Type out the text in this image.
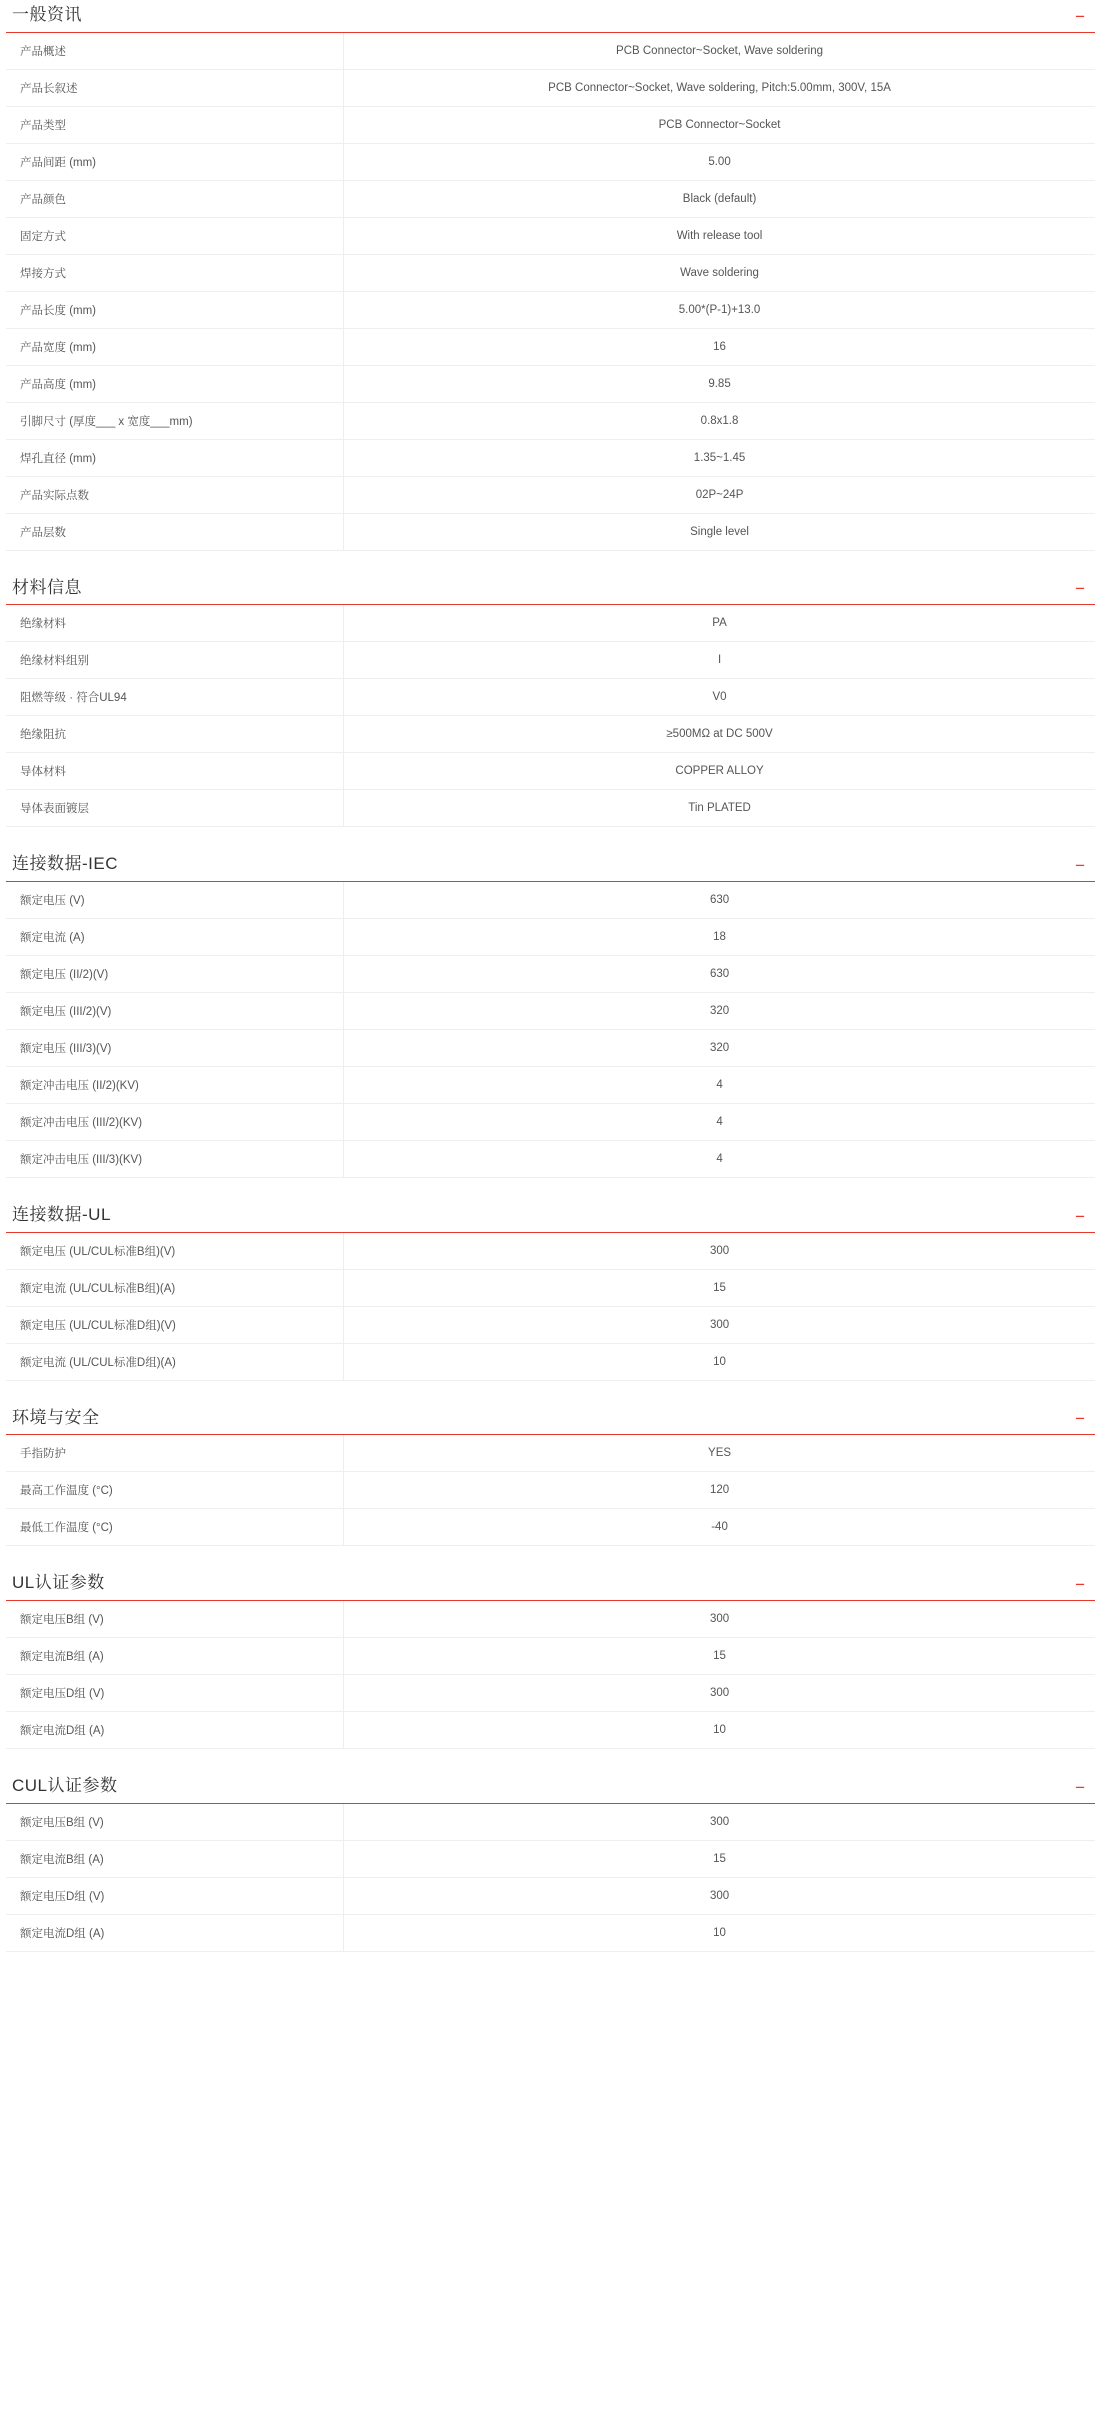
一般资讯	−
产品概述	PCB Connector~Socket, Wave soldering
产品长叙述	PCB Connector~Socket, Wave soldering, Pitch:5.00mm, 300V, 15A
产品类型	PCB Connector~Socket
产品间距 (mm)	5.00
产品颜色	Black (default)
固定方式	With release tool
焊接方式	Wave soldering
产品长度 (mm)	5.00*(P-1)+13.0
产品宽度 (mm)	16
产品高度 (mm)	9.85
引脚尺寸 (厚度___ x 宽度___mm)	0.8x1.8
焊孔直径 (mm)	1.35~1.45
产品实际点数	02P~24P
产品层数	Single level
材料信息	−
绝缘材料	PA
绝缘材料组别	I
阻燃等级 · 符合UL94	V0
绝缘阻抗	≥500MΩ at DC 500V
导体材料	COPPER ALLOY
导体表面镀层	Tin PLATED
连接数据-IEC	−
额定电压 (V)	630
额定电流 (A)	18
额定电压 (II/2)(V)	630
额定电压 (III/2)(V)	320
额定电压 (III/3)(V)	320
额定冲击电压 (II/2)(KV)	4
额定冲击电压 (III/2)(KV)	4
额定冲击电压 (III/3)(KV)	4
连接数据-UL	−
额定电压 (UL/CUL标准B组)(V)	300
额定电流 (UL/CUL标准B组)(A)	15
额定电压 (UL/CUL标准D组)(V)	300
额定电流 (UL/CUL标准D组)(A)	10
环境与安全	−
手指防护	YES
最高工作温度 (°C)	120
最低工作温度 (°C)	-40
UL认证参数	−
额定电压B组 (V)	300
额定电流B组 (A)	15
额定电压D组 (V)	300
额定电流D组 (A)	10
CUL认证参数	−
额定电压B组 (V)	300
额定电流B组 (A)	15
额定电压D组 (V)	300
额定电流D组 (A)	10
